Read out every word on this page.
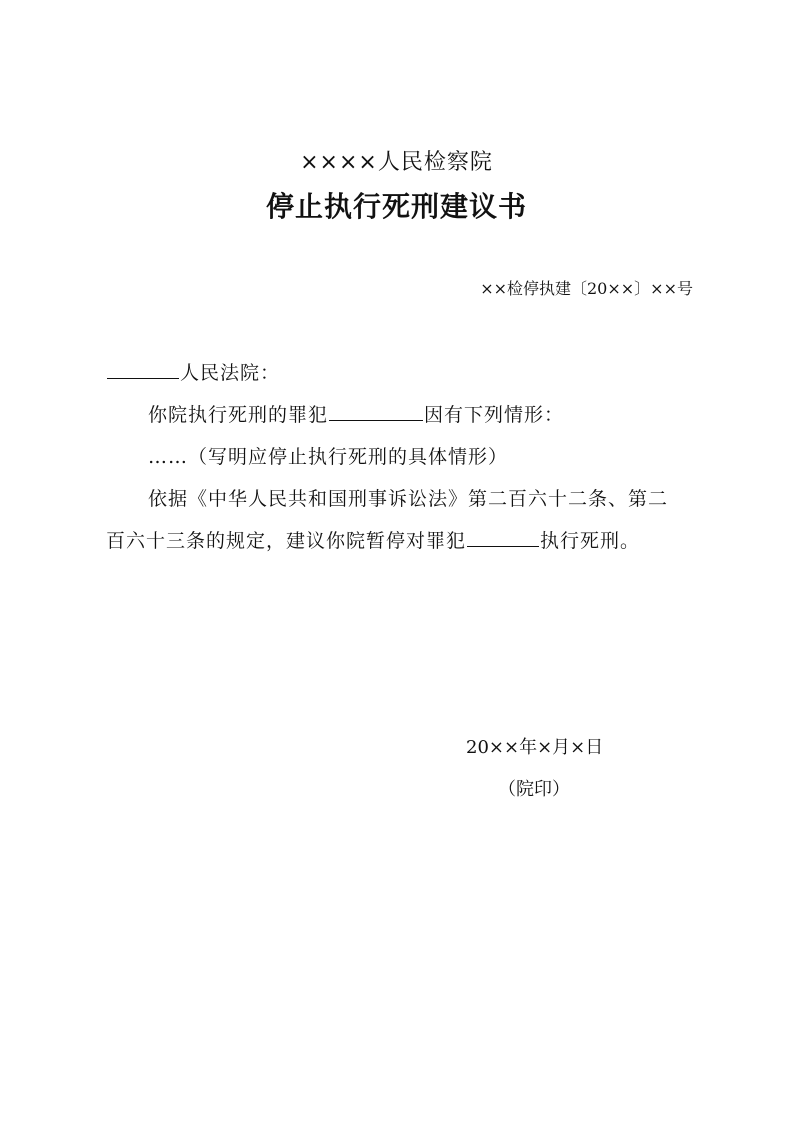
××××人民检察院
停止执行死刑建议书
××检停执建〔20××〕××号
人民法院：
你院执行死刑的罪犯	因有下列情形：
……（写明应停止执行死刑的具体情形）
依据《中华人民共和国刑事诉讼法》第二百六十二条、第二
百六十三条的规定，建议你院暂停对罪犯	执行死刑。
20××年×月×日
（院印）
